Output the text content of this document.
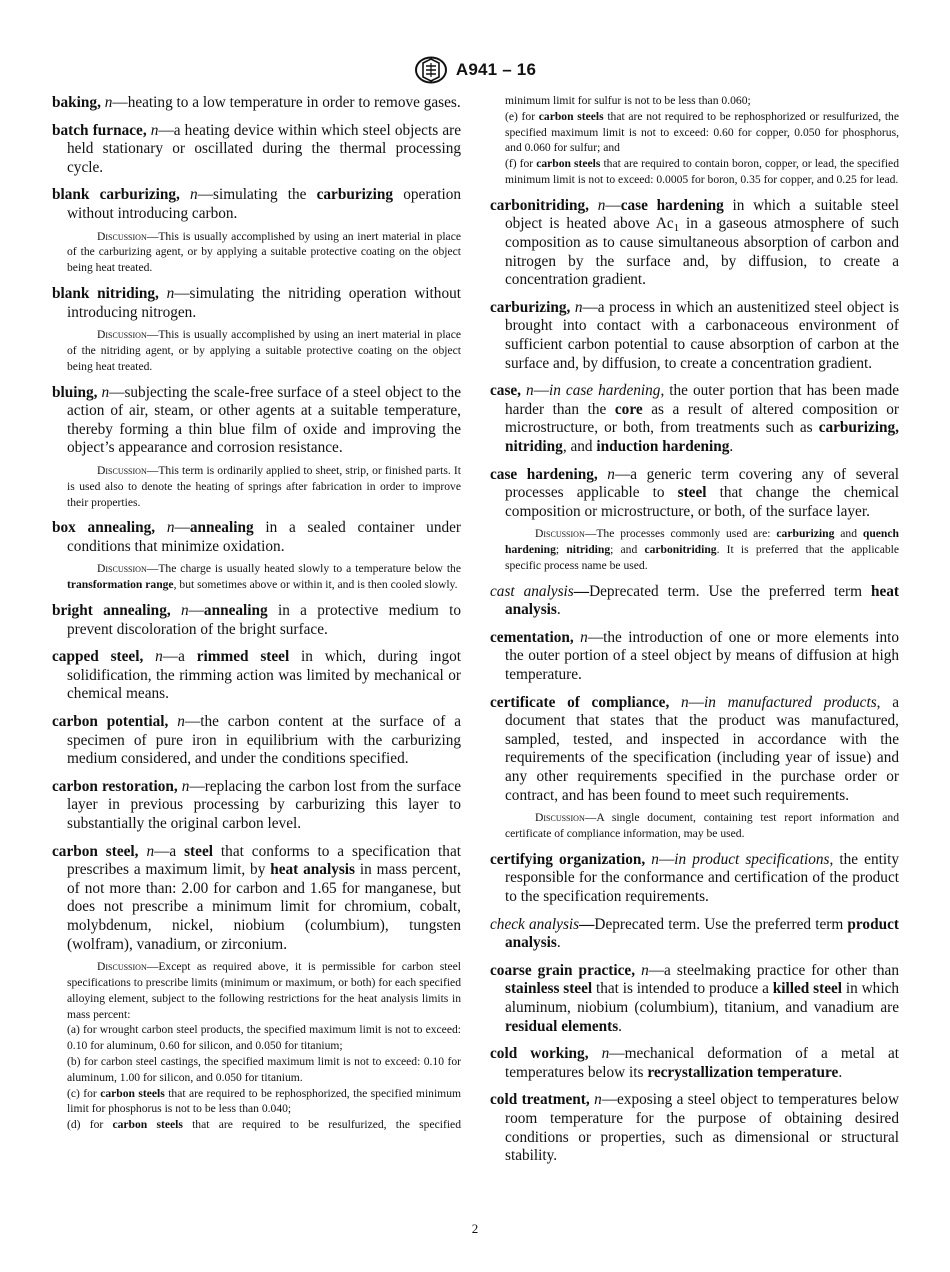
A941 – 16

baking, n—heating to a low temperature in order to remove gases.

batch furnace, n—a heating device within which steel objects are held stationary or oscillated during the thermal processing cycle.

blank carburizing, n—simulating the carburizing operation without introducing carbon.

Discussion—This is usually accomplished by using an inert material in place of the carburizing agent, or by applying a suitable protective coating on the object being heat treated.

blank nitriding, n—simulating the nitriding operation without introducing nitrogen.

Discussion—This is usually accomplished by using an inert material in place of the nitriding agent, or by applying a suitable protective coating on the object being heat treated.

bluing, n—subjecting the scale-free surface of a steel object to the action of air, steam, or other agents at a suitable temperature, thereby forming a thin blue film of oxide and improving the object’s appearance and corrosion resistance.

Discussion—This term is ordinarily applied to sheet, strip, or finished parts. It is used also to denote the heating of springs after fabrication in order to improve their properties.

box annealing, n—annealing in a sealed container under conditions that minimize oxidation.

Discussion—The charge is usually heated slowly to a temperature below the transformation range, but sometimes above or within it, and is then cooled slowly.

bright annealing, n—annealing in a protective medium to prevent discoloration of the bright surface.

capped steel, n—a rimmed steel in which, during ingot solidification, the rimming action was limited by mechanical or chemical means.

carbon potential, n—the carbon content at the surface of a specimen of pure iron in equilibrium with the carburizing medium considered, and under the conditions specified.

carbon restoration, n—replacing the carbon lost from the surface layer in previous processing by carburizing this layer to substantially the original carbon level.

carbon steel, n—a steel that conforms to a specification that prescribes a maximum limit, by heat analysis in mass percent, of not more than: 2.00 for carbon and 1.65 for manganese, but does not prescribe a minimum limit for chromium, cobalt, molybdenum, nickel, niobium (columbium), tungsten (wolfram), vanadium, or zirconium.

Discussion—Except as required above, it is permissible for carbon steel specifications to prescribe limits (minimum or maximum, or both) for each specified alloying element, subject to the following restrictions for the heat analysis limits in mass percent:

(a) for wrought carbon steel products, the specified maximum limit is not to exceed: 0.10 for aluminum, 0.60 for silicon, and 0.050 for titanium;

(b) for carbon steel castings, the specified maximum limit is not to exceed: 0.10 for aluminum, 1.00 for silicon, and 0.050 for titanium.

(c) for carbon steels that are required to be rephosphorized, the specified minimum limit for phosphorus is not to be less than 0.040;

(d) for carbon steels that are required to be resulfurized, the specified

minimum limit for sulfur is not to be less than 0.060;

(e) for carbon steels that are not required to be rephosphorized or resulfurized, the specified maximum limit is not to exceed: 0.60 for copper, 0.050 for phosphorus, and 0.060 for sulfur; and

(f) for carbon steels that are required to contain boron, copper, or lead, the specified minimum limit is not to exceed: 0.0005 for boron, 0.35 for copper, and 0.25 for lead.

carbonitriding, n—case hardening in which a suitable steel object is heated above $Ac_1$ in a gaseous atmosphere of such composition as to cause simultaneous absorption of carbon and nitrogen by the surface and, by diffusion, to create a concentration gradient.

carburizing, n—a process in which an austenitized steel object is brought into contact with a carbonaceous environment of sufficient carbon potential to cause absorption of carbon at the surface and, by diffusion, to create a concentration gradient.

case, n—in case hardening, the outer portion that has been made harder than the core as a result of altered composition or microstructure, or both, from treatments such as carburizing, nitriding, and induction hardening.

case hardening, n—a generic term covering any of several processes applicable to steel that change the chemical composition or microstructure, or both, of the surface layer.

Discussion—The processes commonly used are: carburizing and quench hardening; nitriding; and carbonitriding. It is preferred that the applicable specific process name be used.

cast analysis—Deprecated term. Use the preferred term heat analysis.

cementation, n—the introduction of one or more elements into the outer portion of a steel object by means of diffusion at high temperature.

certificate of compliance, n—in manufactured products, a document that states that the product was manufactured, sampled, tested, and inspected in accordance with the requirements of the specification (including year of issue) and any other requirements specified in the purchase order or contract, and has been found to meet such requirements.

Discussion—A single document, containing test report information and certificate of compliance information, may be used.

certifying organization, n—in product specifications, the entity responsible for the conformance and certification of the product to the specification requirements.

check analysis—Deprecated term. Use the preferred term product analysis.

coarse grain practice, n—a steelmaking practice for other than stainless steel that is intended to produce a killed steel in which aluminum, niobium (columbium), titanium, and vanadium are residual elements.

cold working, n—mechanical deformation of a metal at temperatures below its recrystallization temperature.

cold treatment, n—exposing a steel object to temperatures below room temperature for the purpose of obtaining desired conditions or properties, such as dimensional or structural stability.

2
